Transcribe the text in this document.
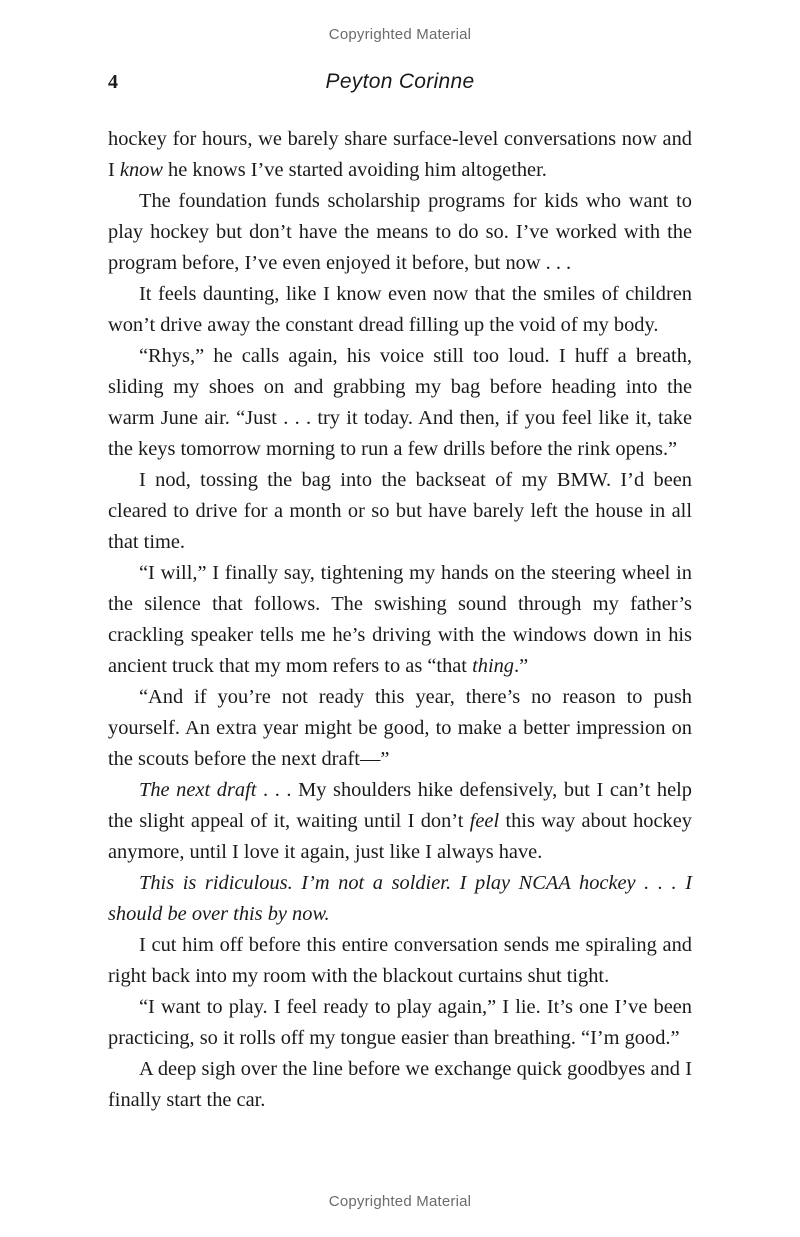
Copyrighted Material
4	Peyton Corinne

hockey for hours, we barely share surface-level conversations now and I know he knows I’ve started avoiding him altogether.

The foundation funds scholarship programs for kids who want to play hockey but don’t have the means to do so. I’ve worked with the program before, I’ve even enjoyed it before, but now . . .

It feels daunting, like I know even now that the smiles of children won’t drive away the constant dread filling up the void of my body.

“Rhys,” he calls again, his voice still too loud. I huff a breath, sliding my shoes on and grabbing my bag before heading into the warm June air. “Just . . . try it today. And then, if you feel like it, take the keys tomorrow morning to run a few drills before the rink opens.”

I nod, tossing the bag into the backseat of my BMW. I’d been cleared to drive for a month or so but have barely left the house in all that time.

“I will,” I finally say, tightening my hands on the steering wheel in the silence that follows. The swishing sound through my father’s crackling speaker tells me he’s driving with the windows down in his ancient truck that my mom refers to as “that thing.”

“And if you’re not ready this year, there’s no reason to push yourself. An extra year might be good, to make a better impression on the scouts before the next draft—”

The next draft . . . My shoulders hike defensively, but I can’t help the slight appeal of it, waiting until I don’t feel this way about hockey anymore, until I love it again, just like I always have.

This is ridiculous. I’m not a soldier. I play NCAA hockey . . . I should be over this by now.

I cut him off before this entire conversation sends me spiraling and right back into my room with the blackout curtains shut tight.

“I want to play. I feel ready to play again,” I lie. It’s one I’ve been practicing, so it rolls off my tongue easier than breathing. “I’m good.”

A deep sigh over the line before we exchange quick goodbyes and I finally start the car.

Copyrighted Material
